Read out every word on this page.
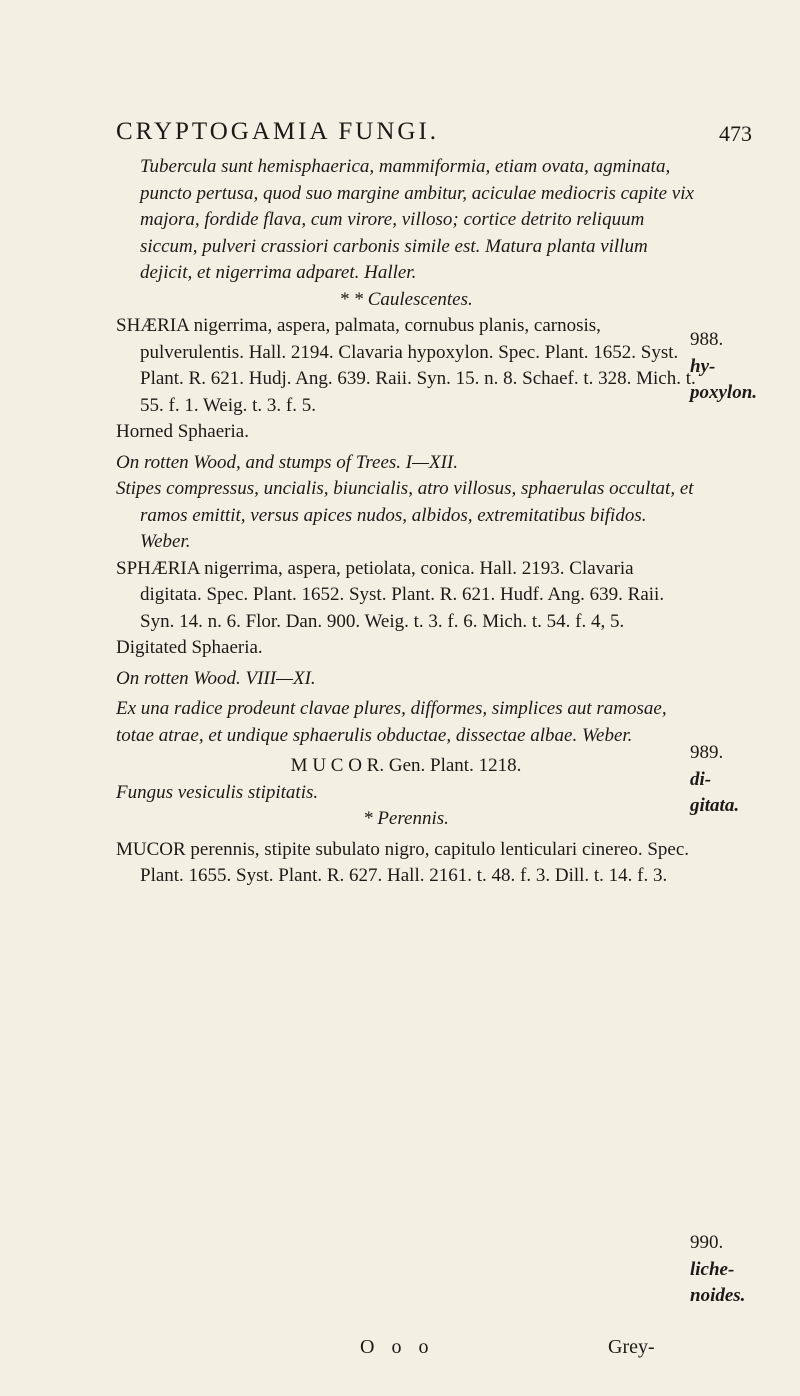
CRYPTOGAMIA FUNGI.	473

Tubercula sunt hemisphaerica, mammiformia, etiam ovata, agminata, puncto pertusa, quod suo margine ambitur, aciculae mediocris capite vix majora, fordide flava, cum virore, villoso; cortice detrito reliquum siccum, pulveri crassiori carbonis simile est. Matura planta villum dejicit, et nigerrima adparet. Haller.

* * Caulescentes.

SHÆRIA nigerrima, aspera, palmata, cornubus planis, carnosis, pulverulentis. Hall. 2194. Clavaria hypoxylon. Spec. Plant. 1652. Syst. Plant. R. 621. Hudj. Ang. 639. Raii. Syn. 15. n. 8. Schaef. t. 328. Mich. t. 55. f. 1. Weig. t. 3. f. 5.

Horned Sphaeria.

On rotten Wood, and stumps of Trees. I—XII.

Stipes compressus, uncialis, biuncialis, atro villosus, sphaerulas occultat, et ramos emittit, versus apices nudos, albidos, extremitatibus bifidos. Weber.

SPHÆRIA nigerrima, aspera, petiolata, conica. Hall. 2193. Clavaria digitata. Spec. Plant. 1652. Syst. Plant. R. 621. Hudf. Ang. 639. Raii. Syn. 14. n. 6. Flor. Dan. 900. Weig. t. 3. f. 6. Mich. t. 54. f. 4, 5.

Digitated Sphaeria.

On rotten Wood. VIII—XI.

Ex una radice prodeunt clavae plures, difformes, simplices aut ramosae, totae atrae, et undique sphaerulis obductae, dissectae albae. Weber.

M U C O R. Gen. Plant. 1218.

Fungus vesiculis stipitatis.

* Perennis.

MUCOR perennis, stipite subulato nigro, capitulo lenticulari cinereo. Spec. Plant. 1655. Syst. Plant. R. 627. Hall. 2161. t. 48. f. 3. Dill. t. 14. f. 3.

988.
hy-
poxylon.
989.
di-
gitata.
990.
liche-
noides.
O o o	Grey-
